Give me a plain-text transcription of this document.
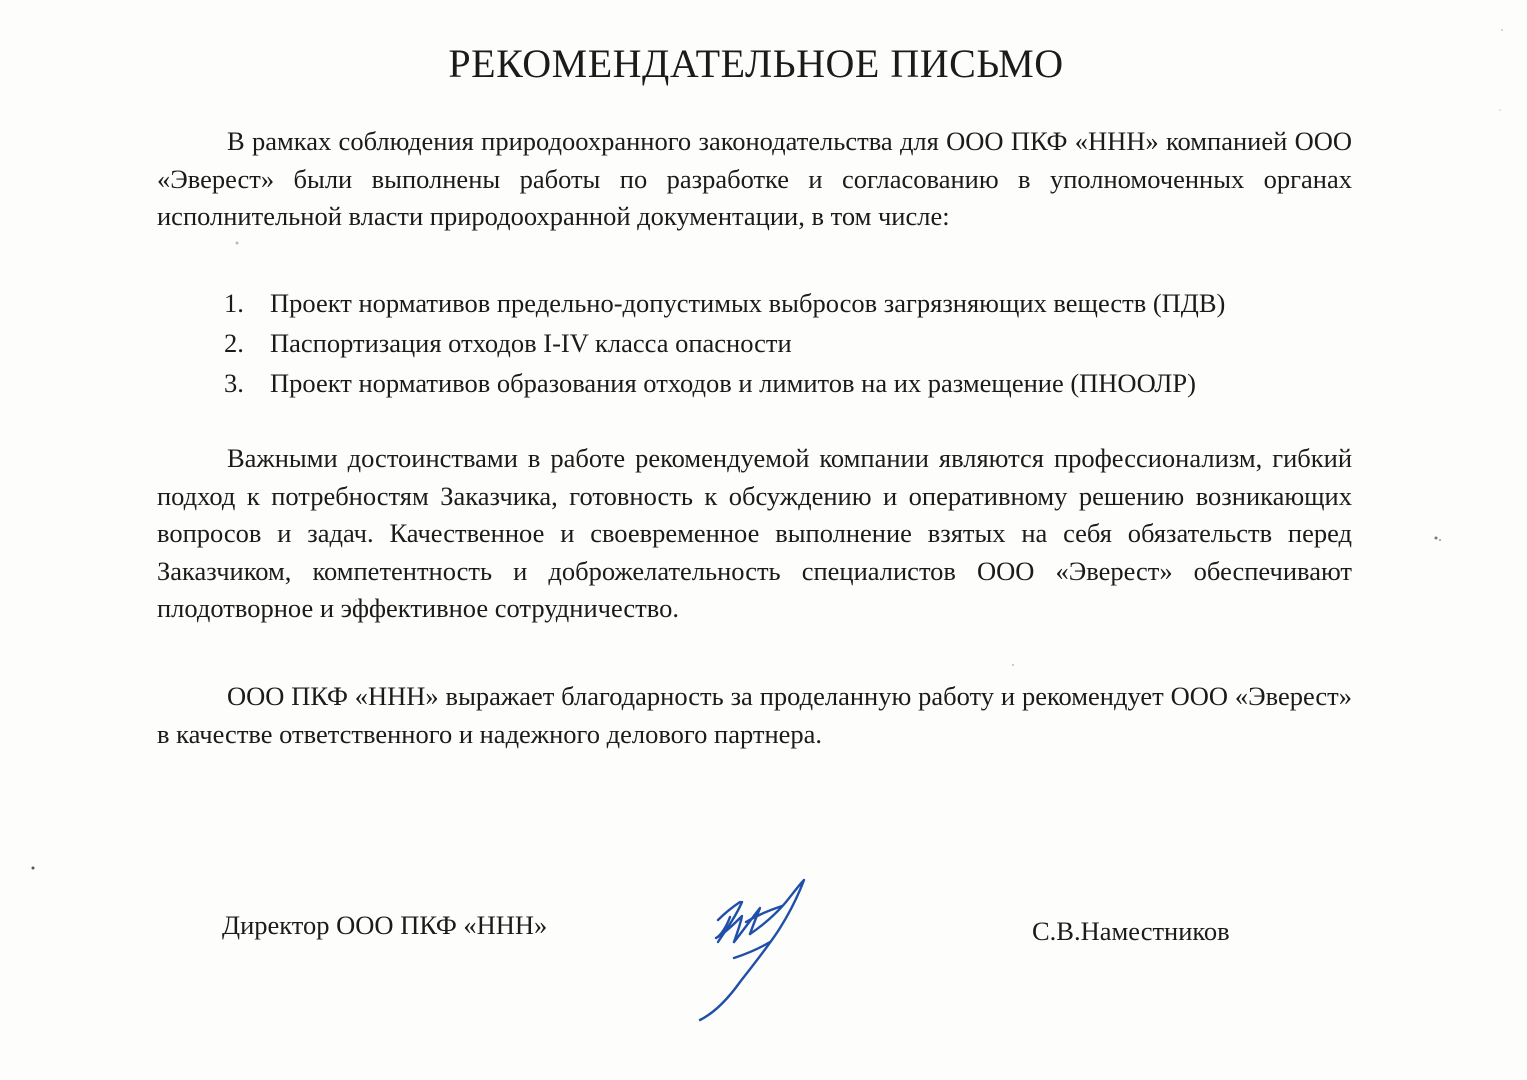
РЕКОМЕНДАТЕЛЬНОЕ ПИСЬМО

В рамках соблюдения природоохранного законодательства для ООО ПКФ «ННН» компанией ООО «Эверест» были выполнены работы по разработке и согласованию в уполномоченных органах исполнительной власти природоохранной документации, в том числе:

1. Проект нормативов предельно-допустимых выбросов загрязняющих веществ (ПДВ)
2. Паспортизация отходов I-IV класса опасности
3. Проект нормативов образования отходов и лимитов на их размещение (ПНООЛР)

Важными достоинствами в работе рекомендуемой компании являются профессионализм, гибкий подход к потребностям Заказчика, готовность к обсуждению и оперативному решению возникающих вопросов и задач. Качественное и своевременное выполнение взятых на себя обязательств перед Заказчиком, компетентность и доброжелательность специалистов ООО «Эверест» обеспечивают плодотворное и эффективное сотрудничество.

ООО ПКФ «ННН» выражает благодарность за проделанную работу и рекомендует ООО «Эверест» в качестве ответственного и надежного делового партнера.

Директор ООО ПКФ «ННН»	С.В.Наместников
